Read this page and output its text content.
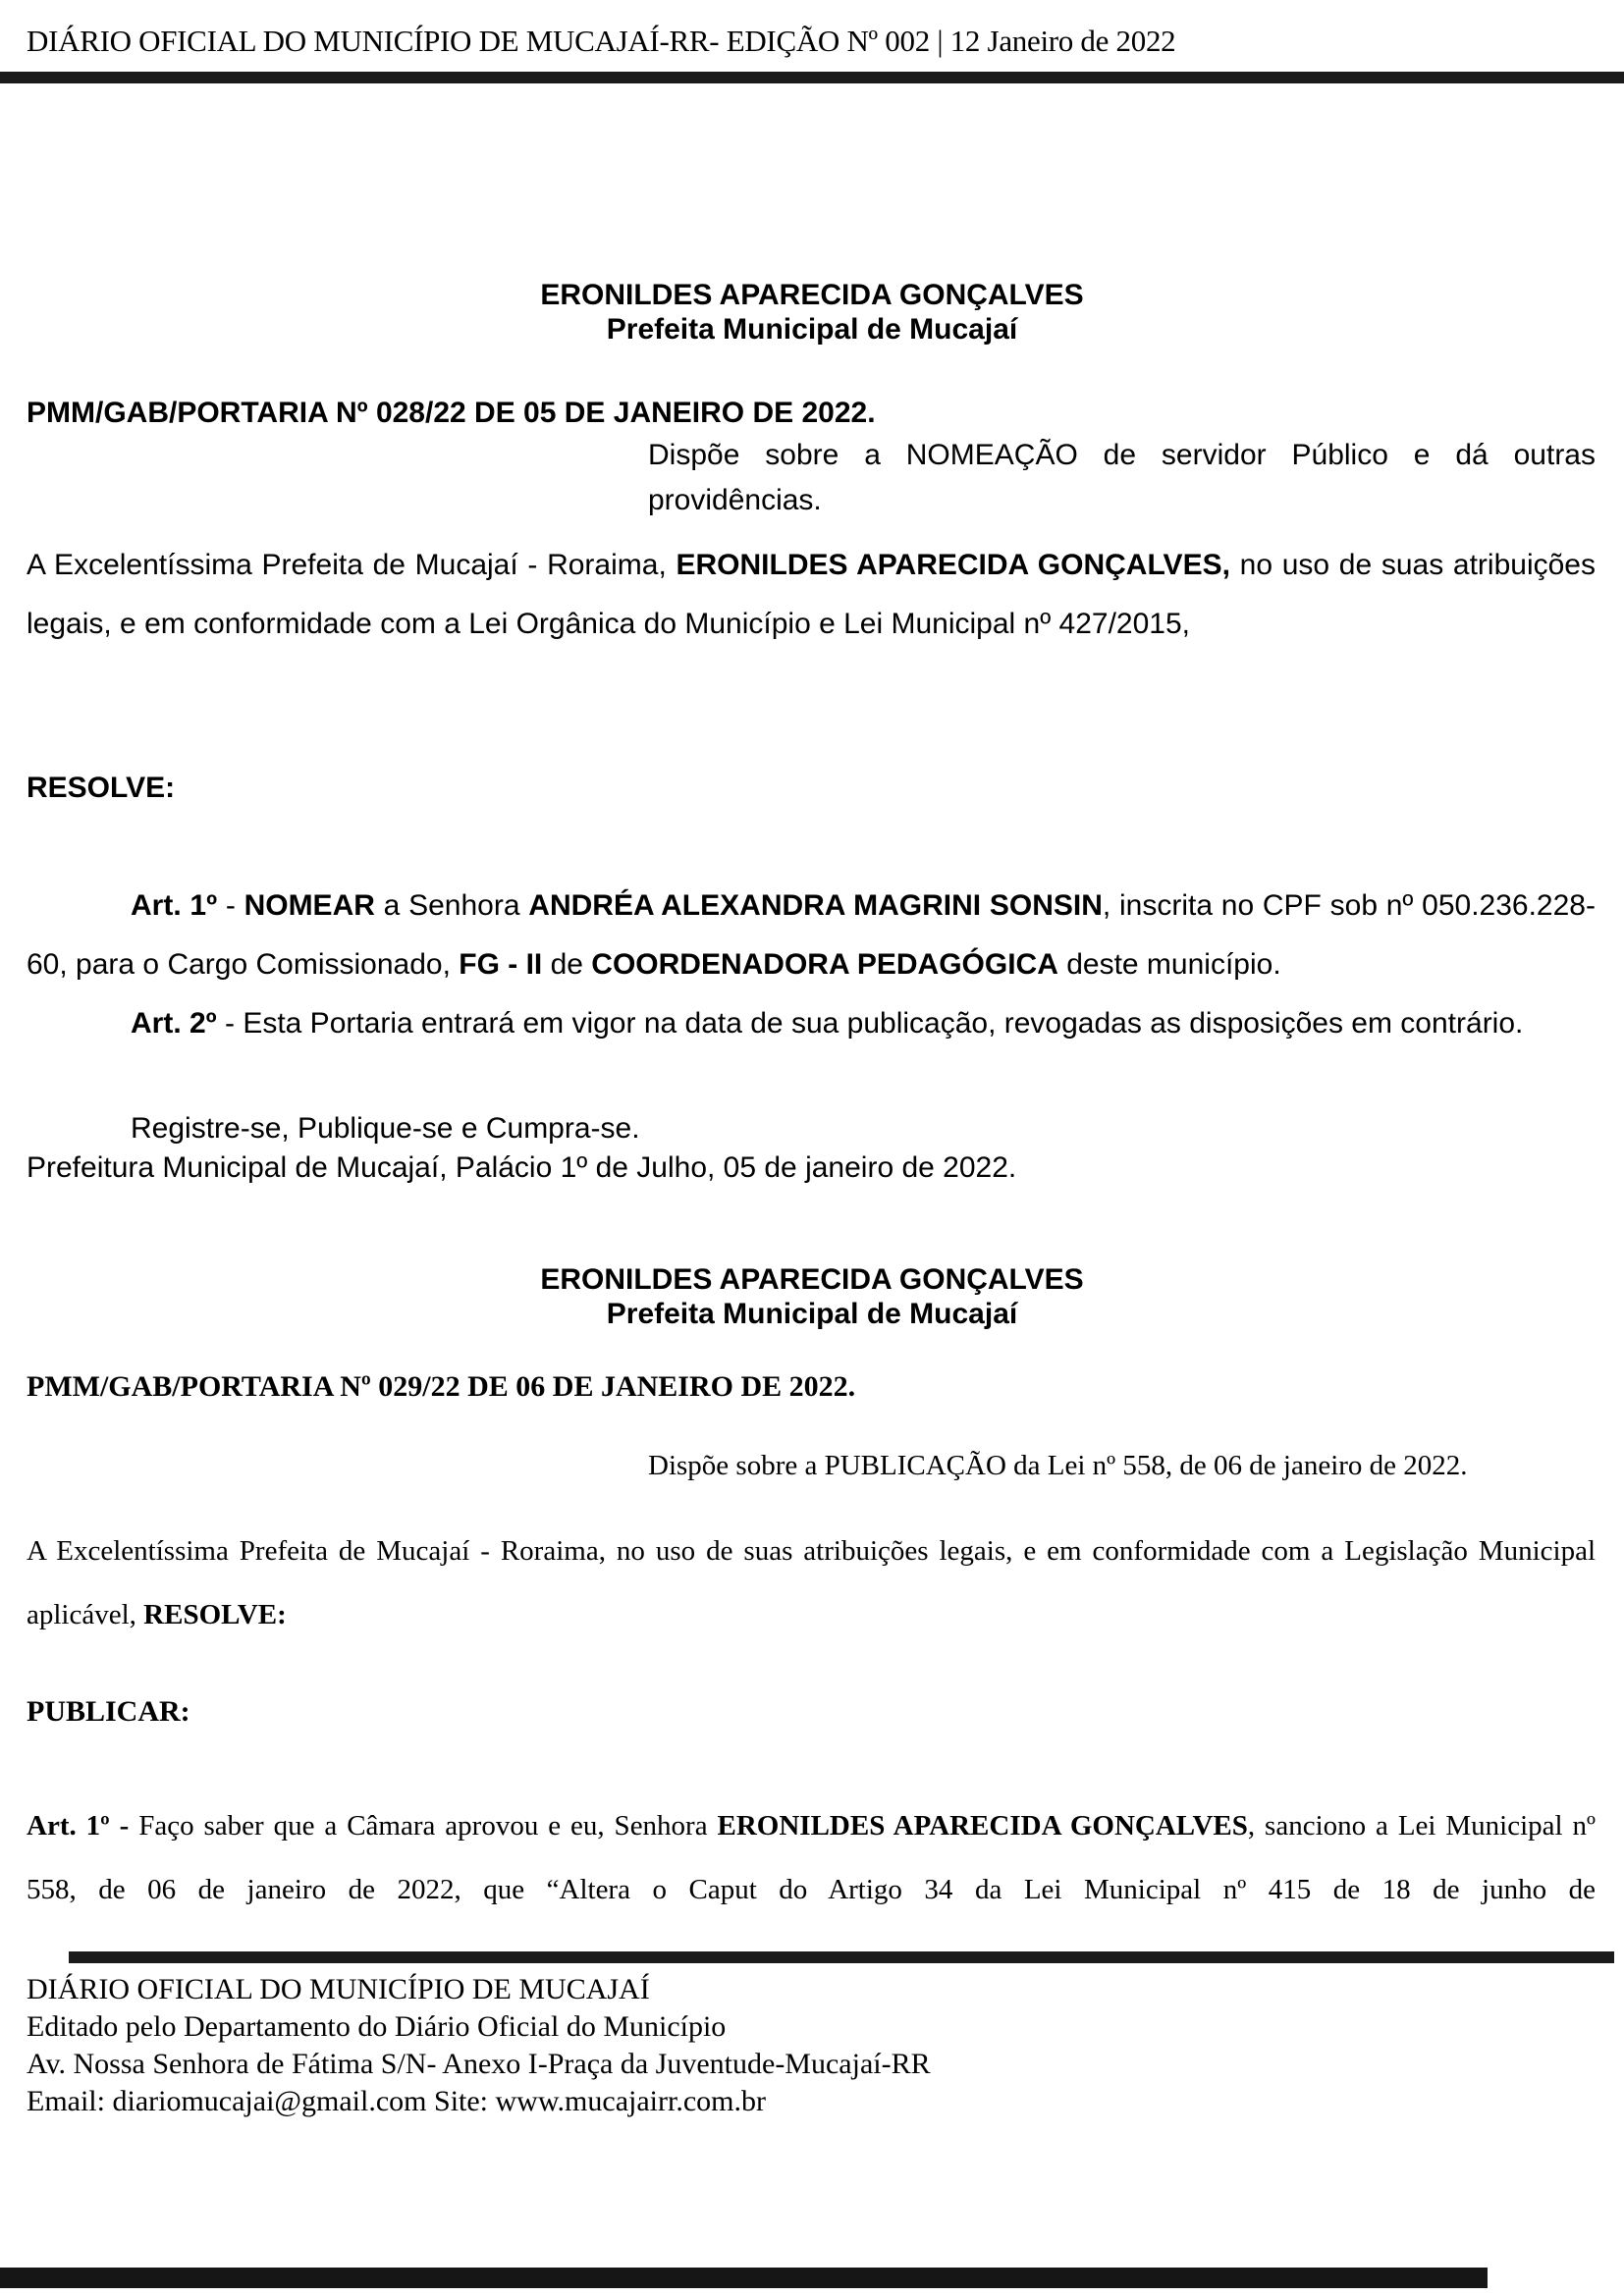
DIÁRIO OFICIAL DO MUNICÍPIO DE MUCAJAÍ-RR- EDIÇÃO Nº 002 | 12 Janeiro de 2022
ERONILDES APARECIDA GONÇALVES
Prefeita Municipal de Mucajaí
PMM/GAB/PORTARIA Nº 028/22 DE 05 DE JANEIRO DE 2022.
Dispõe sobre a NOMEAÇÃO de servidor Público e dá outras providências.

A Excelentíssima Prefeita de Mucajaí - Roraima, ERONILDES APARECIDA GONÇALVES, no uso de suas atribuições legais, e em conformidade com a Lei Orgânica do Município e Lei Municipal nº 427/2015,

RESOLVE:

Art. 1º - NOMEAR a Senhora ANDRÉA ALEXANDRA MAGRINI SONSIN, inscrita no CPF sob nº 050.236.228-60, para o Cargo Comissionado, FG - II de COORDENADORA PEDAGÓGICA deste município.

Art. 2º - Esta Portaria entrará em vigor na data de sua publicação, revogadas as disposições em contrário.

Registre-se, Publique-se e Cumpra-se.
Prefeitura Municipal de Mucajaí, Palácio 1º de Julho, 05 de janeiro de 2022.
ERONILDES APARECIDA GONÇALVES
Prefeita Municipal de Mucajaí
PMM/GAB/PORTARIA Nº 029/22 DE 06 DE JANEIRO DE 2022.
Dispõe sobre a PUBLICAÇÃO da Lei nº 558, de 06 de janeiro de 2022.

A Excelentíssima Prefeita de Mucajaí - Roraima, no uso de suas atribuições legais, e em conformidade com a Legislação Municipal aplicável, RESOLVE:

PUBLICAR:

Art. 1º - Faço saber que a Câmara aprovou e eu, Senhora ERONILDES APARECIDA GONÇALVES, sanciono a Lei Municipal nº 558, de 06 de janeiro de 2022, que “Altera o Caput do Artigo 34 da Lei Municipal nº 415 de 18 de junho de

DIÁRIO OFICIAL DO MUNICÍPIO DE MUCAJAÍ
Editado pelo Departamento do Diário Oficial do Município
Av. Nossa Senhora de Fátima S/N- Anexo I-Praça da Juventude-Mucajaí-RR
Email: diariomucajai@gmail.com Site: www.mucajairr.com.br
